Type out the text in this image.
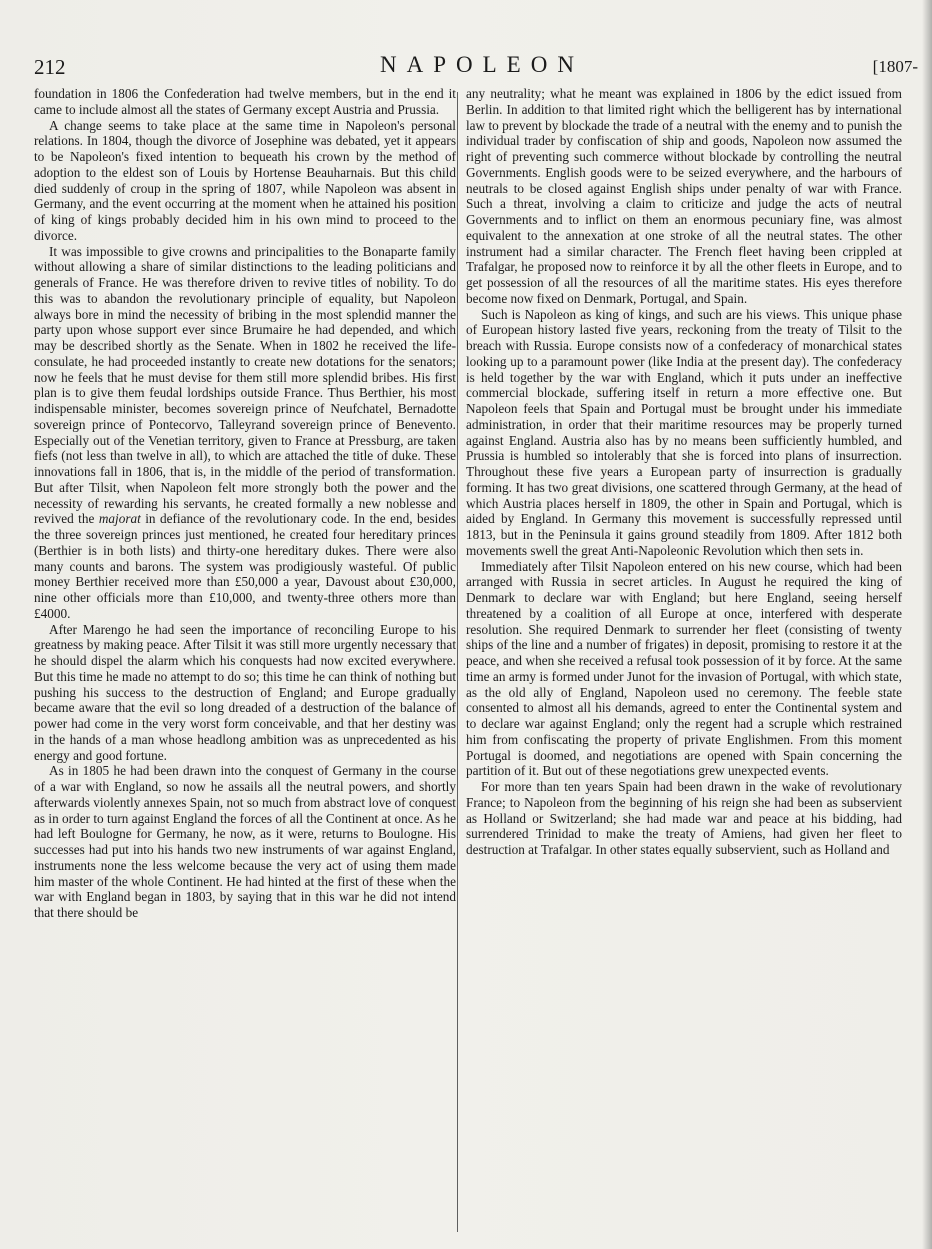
212	NAPOLEON	[1807-

foundation in 1806 the Confederation had twelve members, but in the end it came to include almost all the states of Germany except Austria and Prussia.

A change seems to take place at the same time in Napoleon's personal relations. In 1804, though the divorce of Josephine was debated, yet it appears to be Napoleon's fixed intention to bequeath his crown by the method of adoption to the eldest son of Louis by Hortense Beauharnais. But this child died suddenly of croup in the spring of 1807, while Napoleon was absent in Germany, and the event occurring at the moment when he attained his position of king of kings probably decided him in his own mind to proceed to the divorce.

It was impossible to give crowns and principalities to the Bonaparte family without allowing a share of similar distinctions to the leading politicians and generals of France. He was therefore driven to revive titles of nobility. To do this was to abandon the revolutionary principle of equality, but Napoleon always bore in mind the necessity of bribing in the most splendid manner the party upon whose support ever since Brumaire he had depended, and which may be described shortly as the Senate. When in 1802 he received the life-consulate, he had proceeded instantly to create new dotations for the senators; now he feels that he must devise for them still more splendid bribes. His first plan is to give them feudal lordships outside France. Thus Berthier, his most indispensable minister, becomes sovereign prince of Neufchatel, Bernadotte sovereign prince of Pontecorvo, Talleyrand sovereign prince of Benevento. Especially out of the Venetian territory, given to France at Pressburg, are taken fiefs (not less than twelve in all), to which are attached the title of duke. These innovations fall in 1806, that is, in the middle of the period of transformation. But after Tilsit, when Napoleon felt more strongly both the power and the necessity of rewarding his servants, he created formally a new noblesse and revived the majorat in defiance of the revolutionary code. In the end, besides the three sovereign princes just mentioned, he created four hereditary princes (Berthier is in both lists) and thirty-one hereditary dukes. There were also many counts and barons. The system was prodigiously wasteful. Of public money Berthier received more than £50,000 a year, Davoust about £30,000, nine other officials more than £10,000, and twenty-three others more than £4000.

After Marengo he had seen the importance of reconciling Europe to his greatness by making peace. After Tilsit it was still more urgently necessary that he should dispel the alarm which his conquests had now excited everywhere. But this time he made no attempt to do so; this time he can think of nothing but pushing his success to the destruction of England; and Europe gradually became aware that the evil so long dreaded of a destruction of the balance of power had come in the very worst form conceivable, and that her destiny was in the hands of a man whose headlong ambition was as unprecedented as his energy and good fortune.

As in 1805 he had been drawn into the conquest of Germany in the course of a war with England, so now he assails all the neutral powers, and shortly afterwards violently annexes Spain, not so much from abstract love of conquest as in order to turn against England the forces of all the Continent at once. As he had left Boulogne for Germany, he now, as it were, returns to Boulogne. His successes had put into his hands two new instruments of war against England, instruments none the less welcome because the very act of using them made him master of the whole Continent. He had hinted at the first of these when the war with England began in 1803, by saying that in this war he did not intend that there should be

any neutrality; what he meant was explained in 1806 by the edict issued from Berlin. In addition to that limited right which the belligerent has by international law to prevent by blockade the trade of a neutral with the enemy and to punish the individual trader by confiscation of ship and goods, Napoleon now assumed the right of preventing such commerce without blockade by controlling the neutral Governments. English goods were to be seized everywhere, and the harbours of neutrals to be closed against English ships under penalty of war with France. Such a threat, involving a claim to criticize and judge the acts of neutral Governments and to inflict on them an enormous pecuniary fine, was almost equivalent to the annexation at one stroke of all the neutral states. The other instrument had a similar character. The French fleet having been crippled at Trafalgar, he proposed now to reinforce it by all the other fleets in Europe, and to get possession of all the resources of all the maritime states. His eyes therefore become now fixed on Denmark, Portugal, and Spain.

Such is Napoleon as king of kings, and such are his views. This unique phase of European history lasted five years, reckoning from the treaty of Tilsit to the breach with Russia. Europe consists now of a confederacy of monarchical states looking up to a paramount power (like India at the present day). The confederacy is held together by the war with England, which it puts under an ineffective commercial blockade, suffering itself in return a more effective one. But Napoleon feels that Spain and Portugal must be brought under his immediate administration, in order that their maritime resources may be properly turned against England. Austria also has by no means been sufficiently humbled, and Prussia is humbled so intolerably that she is forced into plans of insurrection. Throughout these five years a European party of insurrection is gradually forming. It has two great divisions, one scattered through Germany, at the head of which Austria places herself in 1809, the other in Spain and Portugal, which is aided by England. In Germany this movement is successfully repressed until 1813, but in the Peninsula it gains ground steadily from 1809. After 1812 both movements swell the great Anti-Napoleonic Revolution which then sets in.

Immediately after Tilsit Napoleon entered on his new course, which had been arranged with Russia in secret articles. In August he required the king of Denmark to declare war with England; but here England, seeing herself threatened by a coalition of all Europe at once, interfered with desperate resolution. She required Denmark to surrender her fleet (consisting of twenty ships of the line and a number of frigates) in deposit, promising to restore it at the peace, and when she received a refusal took possession of it by force. At the same time an army is formed under Junot for the invasion of Portugal, with which state, as the old ally of England, Napoleon used no ceremony. The feeble state consented to almost all his demands, agreed to enter the Continental system and to declare war against England; only the regent had a scruple which restrained him from confiscating the property of private Englishmen. From this moment Portugal is doomed, and negotiations are opened with Spain concerning the partition of it. But out of these negotiations grew unexpected events.

For more than ten years Spain had been drawn in the wake of revolutionary France; to Napoleon from the beginning of his reign she had been as subservient as Holland or Switzerland; she had made war and peace at his bidding, had surrendered Trinidad to make the treaty of Amiens, had given her fleet to destruction at Trafalgar. In other states equally subservient, such as Holland and
